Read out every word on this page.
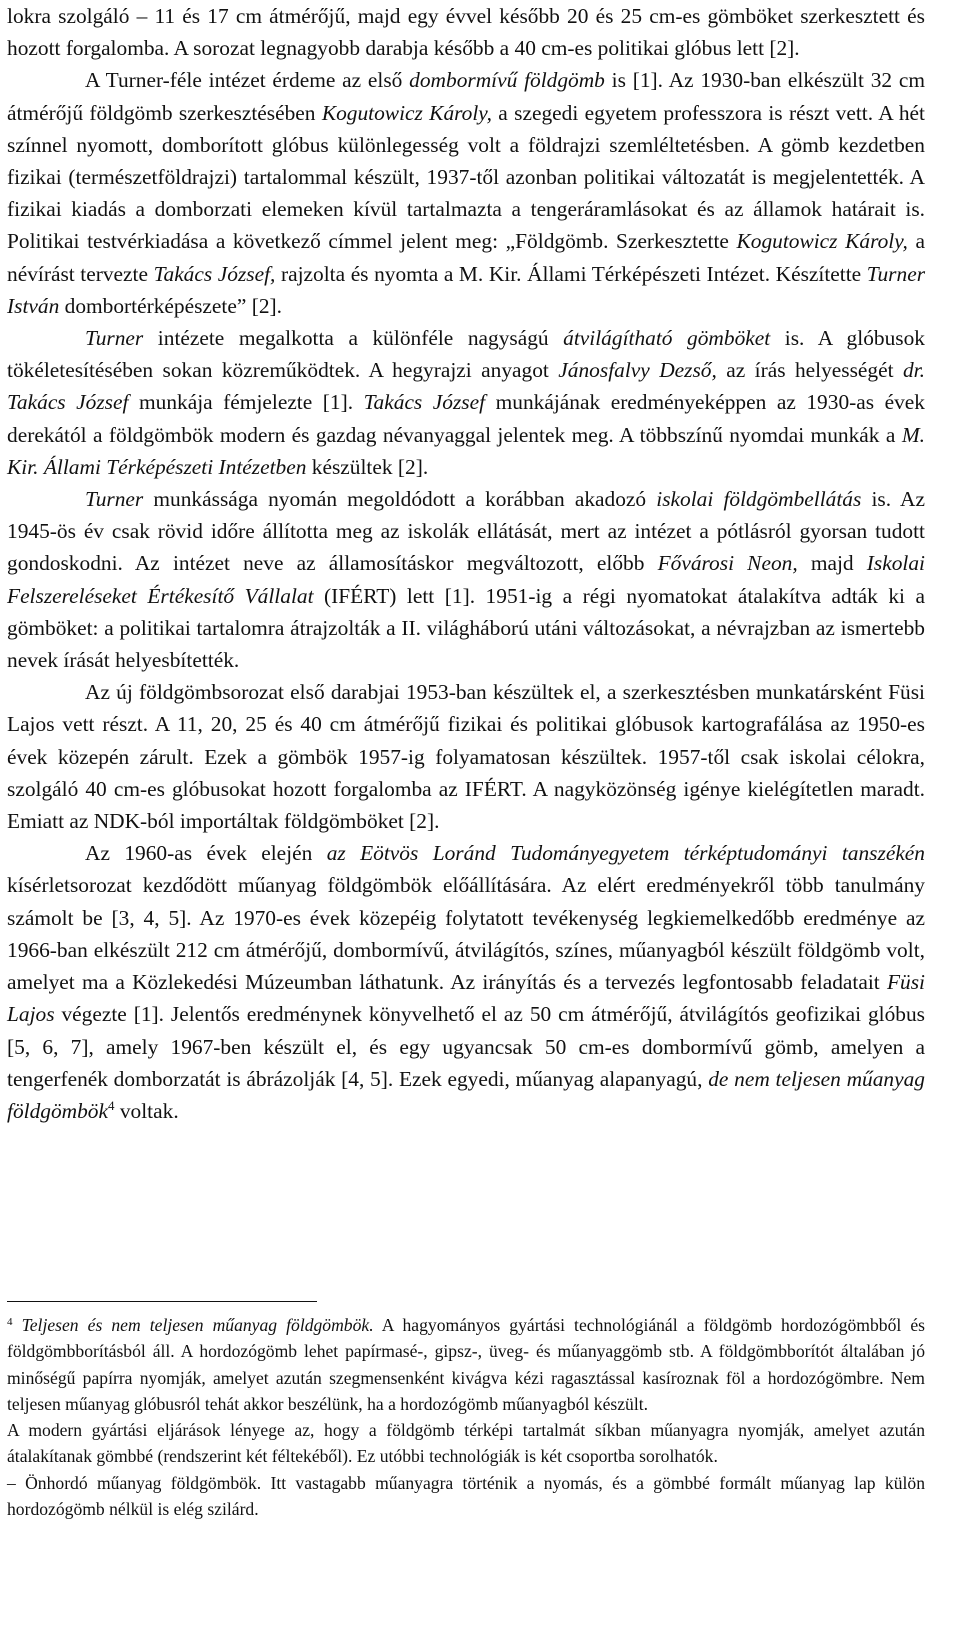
lokra szolgáló – 11 és 17 cm átmérőjű, majd egy évvel később 20 és 25 cm-es gömböket szerkesztett és hozott forgalomba. A sorozat legnagyobb darabja később a 40 cm-es politikai glóbus lett [2].

A Turner-féle intézet érdeme az első dombormívű földgömb is [1]. Az 1930-ban elkészült 32 cm átmérőjű földgömb szerkesztésében Kogutowicz Károly, a szegedi egyetem professzora is részt vett. A hét színnel nyomott, domborított glóbus különlegesség volt a földrajzi szemléltetésben. A gömb kezdetben fizikai (természetföldrajzi) tartalommal készült, 1937-től azonban politikai változatát is megjelentették. A fizikai kiadás a domborzati elemeken kívül tartalmazta a tengeráramlásokat és az államok határait is. Politikai testvérkiadása a következő címmel jelent meg: „Földgömb. Szerkesztette Kogutowicz Károly, a névírást tervezte Takács József, rajzolta és nyomta a M. Kir. Állami Térképészeti Intézet. Készítette Turner István dombortérképészete” [2].

Turner intézete megalkotta a különféle nagyságú átvilágítható gömböket is. A glóbusok tökéletesítésében sokan közreműködtek. A hegyrajzi anyagot Jánosfalvy Dezső, az írás helyességét dr. Takács József munkája fémjelezte [1]. Takács József munkájának eredményeképpen az 1930-as évek derekától a földgömbök modern és gazdag névanyaggal jelentek meg. A többszínű nyomdai munkák a M. Kir. Állami Térképészeti Intézetben készültek [2].

Turner munkássága nyomán megoldódott a korábban akadozó iskolai földgömbellátás is. Az 1945-ös év csak rövid időre állította meg az iskolák ellátását, mert az intézet a pótlásról gyorsan tudott gondoskodni. Az intézet neve az államosításkor megváltozott, előbb Fővárosi Neon, majd Iskolai Felszereléseket Értékesítő Vállalat (IFÉRT) lett [1]. 1951-ig a régi nyomatokat átalakítva adták ki a gömböket: a politikai tartalomra átrajzolták a II. világháború utáni változásokat, a névrajzban az ismertebb nevek írását helyesbítették.

Az új földgömbsorozat első darabjai 1953-ban készültek el, a szerkesztésben munkatársként Füsi Lajos vett részt. A 11, 20, 25 és 40 cm átmérőjű fizikai és politikai glóbusok kartografálása az 1950-es évek közepén zárult. Ezek a gömbök 1957-ig folyamatosan készültek. 1957-től csak iskolai célokra, szolgáló 40 cm-es glóbusokat hozott forgalomba az IFÉRT. A nagyközönség igénye kielégítetlen maradt. Emiatt az NDK-ból importáltak földgömböket [2].

Az 1960-as évek elején az Eötvös Loránd Tudományegyetem térképtudományi tanszékén kísérletsorozat kezdődött műanyag földgömbök előállítására. Az elért eredményekről több tanulmány számolt be [3, 4, 5]. Az 1970-es évek közepéig folytatott tevékenység legkiemelkedőbb eredménye az 1966-ban elkészült 212 cm átmérőjű, dombormívű, átvilágítós, színes, műanyagból készült földgömb volt, amelyet ma a Közlekedési Múzeumban láthatunk. Az irányítás és a tervezés legfontosabb feladatait Füsi Lajos végezte [1]. Jelentős eredménynek könyvelhető el az 50 cm átmérőjű, átvilágítós geofizikai glóbus [5, 6, 7], amely 1967-ben készült el, és egy ugyancsak 50 cm-es dombormívű gömb, amelyen a tengerfenék domborzatát is ábrázolják [4, 5]. Ezek egyedi, műanyag alapanyagú, de nem teljesen műanyag földgömbök$^4$ voltak.

$^4$ Teljesen és nem teljesen műanyag földgömbök. A hagyományos gyártási technológiánál a földgömb hordozógömbből és földgömbborításból áll. A hordozógömb lehet papírmasé-, gipsz-, üveg- és műanyaggömb stb. A földgömbborítót általában jó minőségű papírra nyomják, amelyet azután szegmensenként kivágva kézi ragasztással kasíroznak föl a hordozógömbre. Nem teljesen műanyag glóbusról tehát akkor beszélünk, ha a hordozógömb műanyagból készült.

A modern gyártási eljárások lényege az, hogy a földgömb térképi tartalmát síkban műanyagra nyomják, amelyet azután átalakítanak gömbbé (rendszerint két féltekéből). Ez utóbbi technológiák is két csoportba sorolhatók.

– Önhordó műanyag földgömbök. Itt vastagabb műanyagra történik a nyomás, és a gömbbé formált műanyag lap külön hordozógömb nélkül is elég szilárd.
